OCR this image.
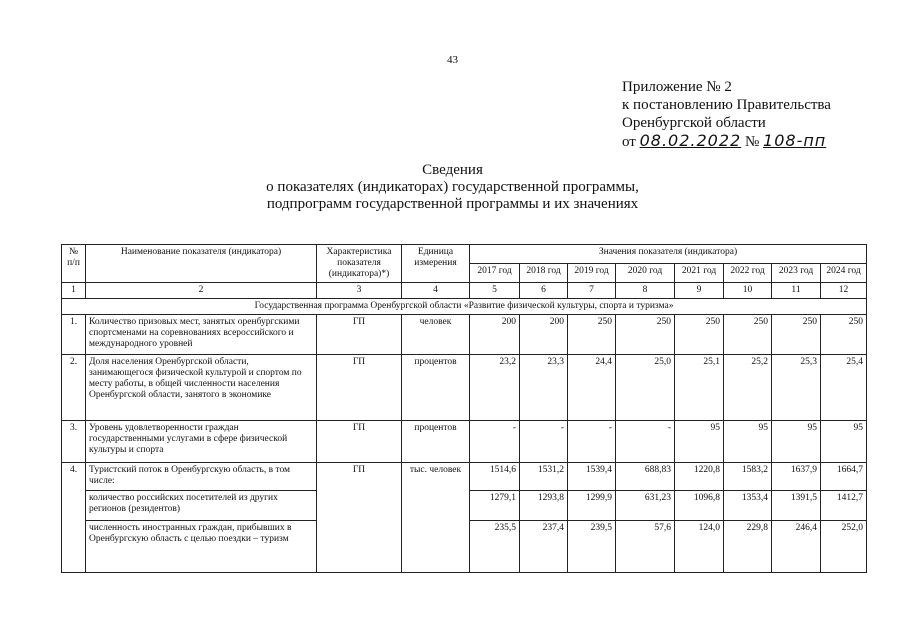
43
Приложение № 2
к постановлению Правительства
Оренбургской области
от 08.02.2022 № 108-пп
Сведения
о показателях (индикаторах) государственной программы,
подпрограмм государственной программы и их значениях
№ п/п	Наименование показателя (индикатора)	Характеристика показателя (индикатора)*)	Единица измерения	Значения показателя (индикатора)							
				2017 год	2018 год	2019 год	2020 год	2021 год	2022 год	2023 год	2024 год
1	2	3	4	5	6	7	8	9	10	11	12
Государственная программа Оренбургской области «Развитие физической культуры, спорта и туризма»											
1.	Количество призовых мест, занятых оренбургскими спортсменами на соревнованиях всероссийского и международного уровней	ГП	человек	200	200	250	250	250	250	250	250
2.	Доля населения Оренбургской области, занимающегося физической культурой и спортом по месту работы, в общей численности населения Оренбургской области, занятого в экономике	ГП	процентов	23,2	23,3	24,4	25,0	25,1	25,2	25,3	25,4
3.	Уровень удовлетворенности граждан государственными услугами в сфере физической культуры и спорта	ГП	процентов	-	-	-	-	95	95	95	95
4.	Туристский поток в Оренбургскую область, в том числе:	ГП	тыс. человек	1514,6	1531,2	1539,4	688,83	1220,8	1583,2	1637,9	1664,7
	количество российских посетителей из других регионов (резидентов)			1279,1	1293,8	1299,9	631,23	1096,8	1353,4	1391,5	1412,7
	численность иностранных граждан, прибывших в Оренбургскую область с целью поездки – туризм			235,5	237,4	239,5	57,6	124,0	229,8	246,4	252,0
